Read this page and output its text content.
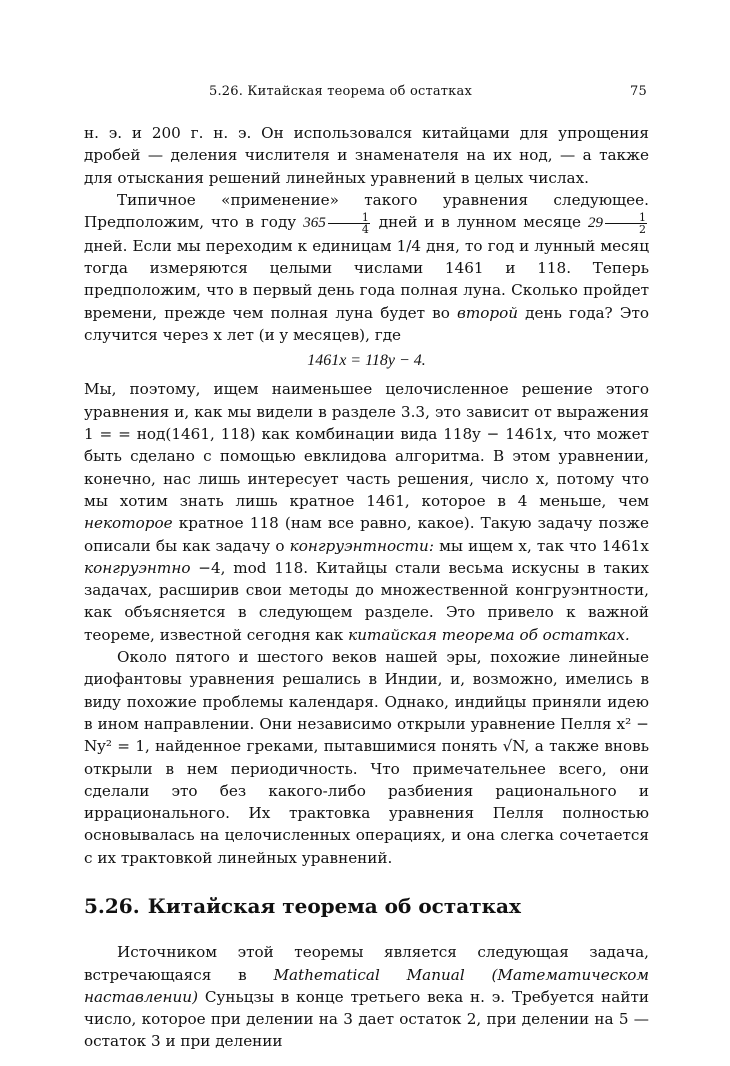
5.26. Китайская теорема об остатках	75

н. э. и 200 г. н. э. Он использовался китайцами для упрощения дробей — деления числителя и знаменателя на их нод, — а также для отыскания решений линейных уравнений в целых числах.

Типичное «применение» такого уравнения следующее. Предположим, что в году $365 \frac{1}{4}$ дней и в лунном месяце $29 \frac{1}{2}$
дней. Если мы переходим к единицам 1/4 дня, то год и лунный месяц тогда измеряются целыми числами 1461 и 118. Теперь предположим, что в первый день года полная луна. Сколько пройдет времени, прежде чем полная луна будет во второй день года? Это случится через x лет (и y месяцев), где

1461x = 118y − 4.

Мы, поэтому, ищем наименьшее целочисленное решение этого уравнения и, как мы видели в разделе 3.3, это зависит от выражения 1 = = нод(1461, 118) как комбинации вида 118y − 1461x, что может быть сделано с помощью евклидова алгоритма. В этом уравнении, конечно, нас лишь интересует часть решения, число x, потому что мы хотим знать лишь кратное 1461, которое в 4 меньше, чем некоторое кратное 118 (нам все равно, какое). Такую задачу позже описали бы как задачу о конгруэнтности: мы ищем x, так что 1461x конгруэнтно −4, mod 118. Китайцы стали весьма искусны в таких задачах, расширив свои методы до множественной конгруэнтности, как объясняется в следующем разделе. Это привело к важной теореме, известной сегодня как китайская теорема об остатках.

Около пятого и шестого веков нашей эры, похожие линейные диофантовы уравнения решались в Индии, и, возможно, имелись в виду похожие проблемы календаря. Однако, индийцы приняли идею в ином направлении. Они независимо открыли уравнение Пелля x² − Ny² = 1, найденное греками, пытавшимися понять √N, а также вновь открыли в нем периодичность. Что примечательнее всего, они сделали это без какого-либо разбиения рационального и иррационального. Их трактовка уравнения Пелля полностью основывалась на целочисленных операциях, и она слегка сочетается с их трактовкой линейных уравнений.

5.26. Китайская теорема об остатках

Источником этой теоремы является следующая задача, встречающаяся в Mathematical Manual (Математическом наставлении) Суньцзы в конце третьего века н. э. Требуется найти число, которое при делении на 3 дает остаток 2, при делении на 5 — остаток 3 и при делении
